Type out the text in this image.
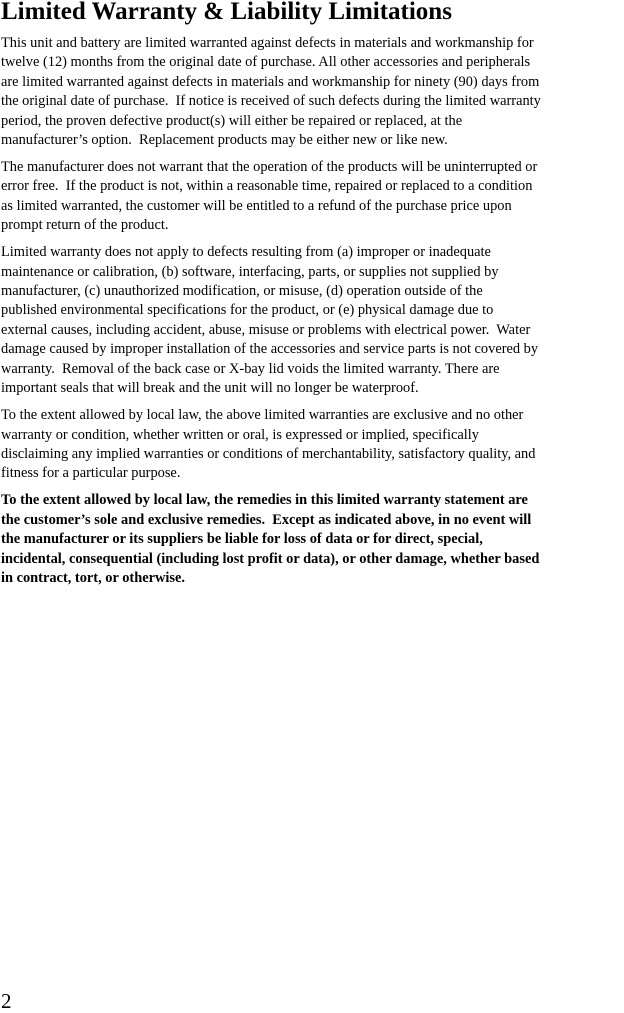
Limited Warranty & Liability Limitations

This unit and battery are limited warranted against defects in materials and workmanship for
twelve (12) months from the original date of purchase. All other accessories and peripherals
are limited warranted against defects in materials and workmanship for ninety (90) days from
the original date of purchase.  If notice is received of such defects during the limited warranty
period, the proven defective product(s) will either be repaired or replaced, at the
manufacturer’s option.  Replacement products may be either new or like new.

The manufacturer does not warrant that the operation of the products will be uninterrupted or
error free.  If the product is not, within a reasonable time, repaired or replaced to a condition
as limited warranted, the customer will be entitled to a refund of the purchase price upon
prompt return of the product.

Limited warranty does not apply to defects resulting from (a) improper or inadequate
maintenance or calibration, (b) software, interfacing, parts, or supplies not supplied by
manufacturer, (c) unauthorized modification, or misuse, (d) operation outside of the
published environmental specifications for the product, or (e) physical damage due to
external causes, including accident, abuse, misuse or problems with electrical power.  Water
damage caused by improper installation of the accessories and service parts is not covered by
warranty.  Removal of the back case or X-bay lid voids the limited warranty. There are
important seals that will break and the unit will no longer be waterproof.

To the extent allowed by local law, the above limited warranties are exclusive and no other
warranty or condition, whether written or oral, is expressed or implied, specifically
disclaiming any implied warranties or conditions of merchantability, satisfactory quality, and
fitness for a particular purpose.

To the extent allowed by local law, the remedies in this limited warranty statement are
the customer’s sole and exclusive remedies.  Except as indicated above, in no event will
the manufacturer or its suppliers be liable for loss of data or for direct, special,
incidental, consequential (including lost profit or data), or other damage, whether based
in contract, tort, or otherwise.

2
